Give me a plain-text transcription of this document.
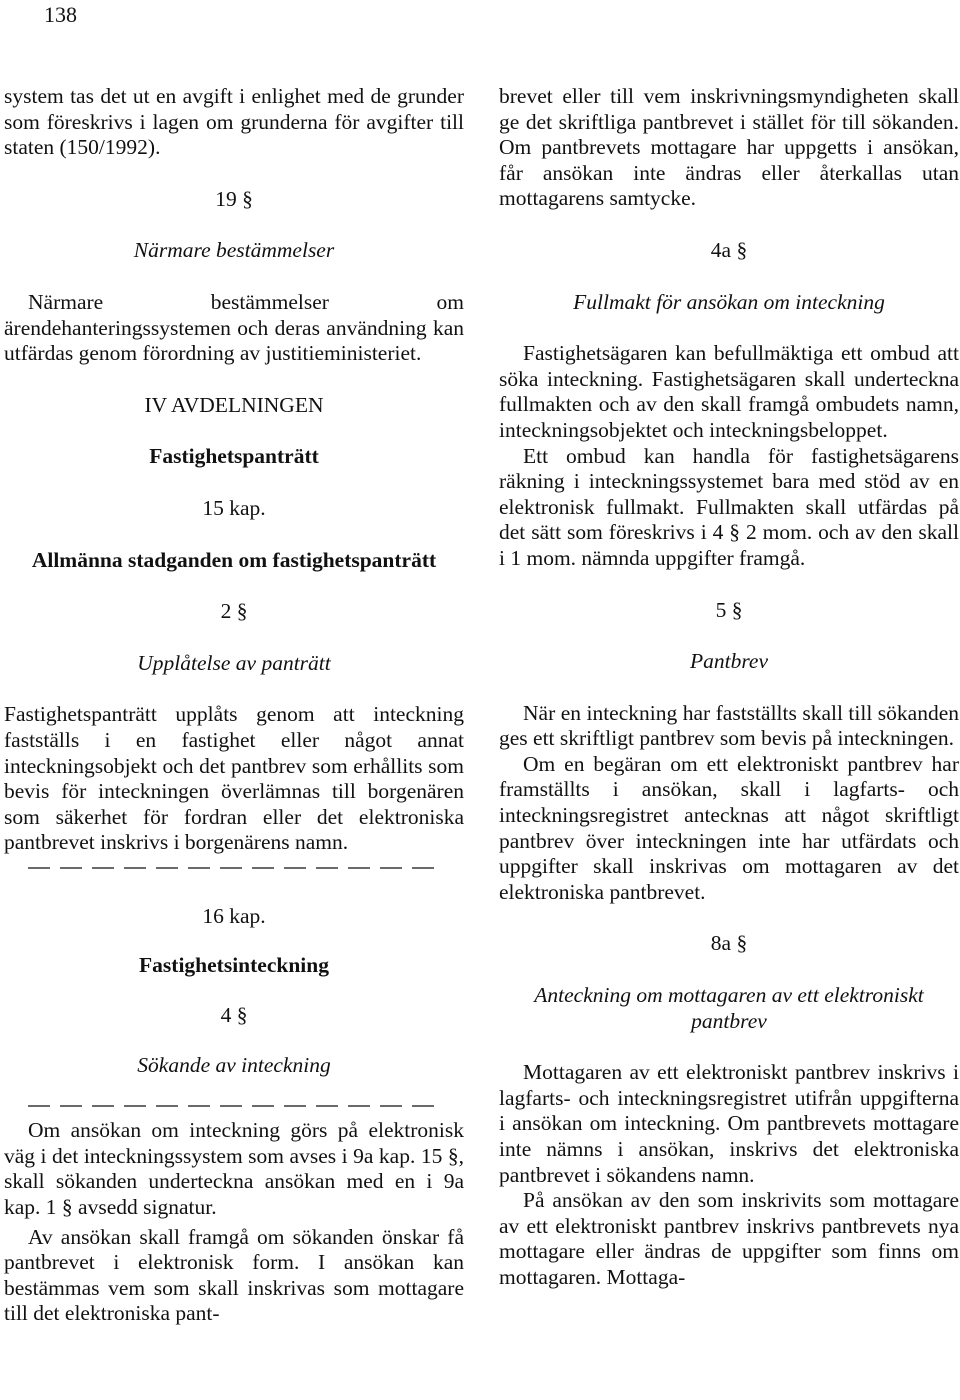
138

system tas det ut en avgift i enlighet med de grunder som föreskrivs i lagen om grunderna för avgifter till staten (150/1992).

19 §

Närmare bestämmelser

Närmare bestämmelser om ärendehanteringssystemen och deras användning kan utfärdas genom förordning av justitieministeriet.

IV AVDELNINGEN

Fastighetspanträtt

15 kap.

Allmänna stadganden om fastighetspanträtt

2 §

Upplåtelse av panträtt

Fastighetspanträtt upplåts genom att inteckning fastställs i en fastighet eller något annat inteckningsobjekt och det pantbrev som erhållits som bevis för inteckningen överlämnas till borgenären som säkerhet för fordran eller det elektroniska pantbrevet inskrivs i borgenärens namn.

16 kap.

Fastighetsinteckning

4 §

Sökande av inteckning

Om ansökan om inteckning görs på elektronisk väg i det inteckningssystem som avses i 9a kap. 15 §, skall sökanden underteckna ansökan med en i 9a kap. 1 § avsedd signatur.

Av ansökan skall framgå om sökanden önskar få pantbrevet i elektronisk form. I ansökan kan bestämmas vem som skall inskrivas som mottagare till det elektroniska pant-

brevet eller till vem inskrivningsmyndigheten skall ge det skriftliga pantbrevet i stället för till sökanden. Om pantbrevets mottagare har uppgetts i ansökan, får ansökan inte ändras eller återkallas utan mottagarens samtycke.

4a §

Fullmakt för ansökan om inteckning

Fastighetsägaren kan befullmäktiga ett ombud att söka inteckning. Fastighetsägaren skall underteckna fullmakten och av den skall framgå ombudets namn, inteckningsobjektet och inteckningsbeloppet.

Ett ombud kan handla för fastighetsägarens räkning i inteckningssystemet bara med stöd av en elektronisk fullmakt. Fullmakten skall utfärdas på det sätt som föreskrivs i 4 § 2 mom. och av den skall i 1 mom. nämnda uppgifter framgå.

5 §

Pantbrev

När en inteckning har fastställts skall till sökanden ges ett skriftligt pantbrev som bevis på inteckningen.

Om en begäran om ett elektroniskt pantbrev har framställts i ansökan, skall i lagfarts- och inteckningsregistret antecknas att något skriftligt pantbrev över inteckningen inte har utfärdats och uppgifter skall inskrivas om mottagaren av det elektroniska pantbrevet.

8a §

Anteckning om mottagaren av ett elektroniskt pantbrev

Mottagaren av ett elektroniskt pantbrev inskrivs i lagfarts- och inteckningsregistret utifrån uppgifterna i ansökan om inteckning. Om pantbrevets mottagare inte nämns i ansökan, inskrivs det elektroniska pantbrevet i sökandens namn.

På ansökan av den som inskrivits som mottagare av ett elektroniskt pantbrev inskrivs pantbrevets nya mottagare eller ändras de uppgifter som finns om mottagaren. Mottaga-
